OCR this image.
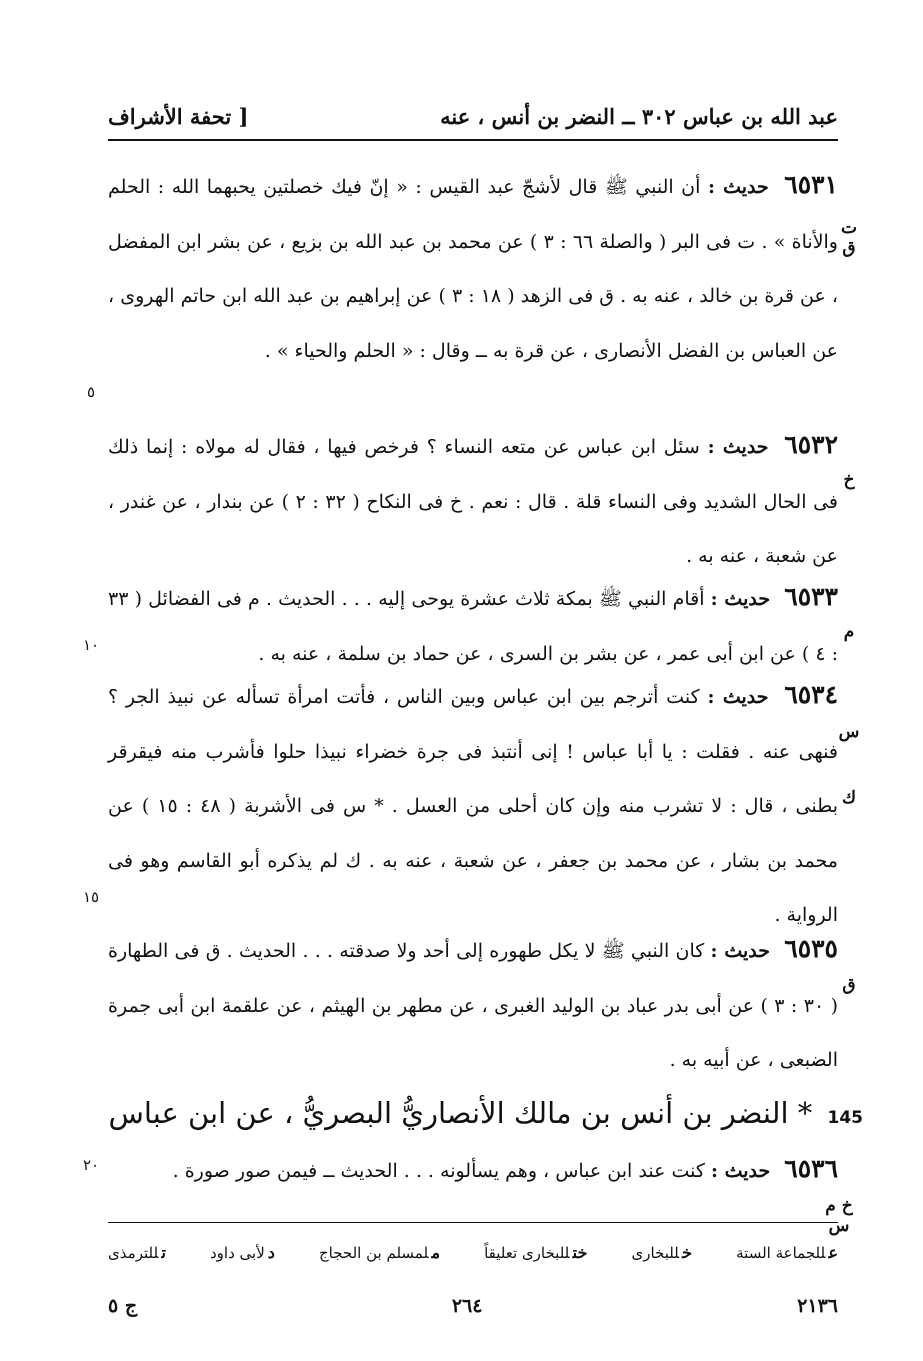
عبد الله بن عباس ٣٠٢ ــ النضر بن أنس ، عنه
[ تحفة الأشراف
٦٥٣١ حديث : أن النبي ﷺ قال لأشجّ عبد القيس : « إنّ فيك خصلتين يحبهما الله : الحلم والأناة » . ت فى البر ( والصلة ٦٦ : ٣ ) عن محمد بن عبد الله بن بزيع ، عن بشر ابن المفضل ، عن قرة بن خالد ، عنه به . ق فى الزهد ( ١٨ : ٣ ) عن إبراهيم بن عبد الله ابن حاتم الهروى ، عن العباس بن الفضل الأنصارى ، عن قرة به ــ وقال : « الحلم والحياء » .
ت ق
٦٥٣٢ حديث : سئل ابن عباس عن متعه النساء ؟ فرخص فيها ، فقال له مولاه : إنما ذلك فى الحال الشديد وفى النساء قلة . قال : نعم . خ فى النكاح ( ٣٢ : ٢ ) عن بندار ، عن غندر ، عن شعبة ، عنه به .
خ
٦٥٣٣ حديث : أقام النبي ﷺ بمكة ثلاث عشرة يوحى إليه . . . الحديث . م فى الفضائل ( ٣٣ : ٤ ) عن ابن أبى عمر ، عن بشر بن السرى ، عن حماد بن سلمة ، عنه به .
م
٦٥٣٤ حديث : كنت أترجم بين ابن عباس وبين الناس ، فأتت امرأة تسأله عن نبيذ الجر ؟ فنهى عنه . فقلت : يا أبا عباس ! إنى أنتبذ فى جرة خضراء نبيذا حلوا فأشرب منه فيقرقر بطنى ، قال : لا تشرب منه وإن كان أحلى من العسل . * س فى الأشربة ( ٤٨ : ١٥ ) عن محمد بن بشار ، عن محمد بن جعفر ، عن شعبة ، عنه به . ك لم يذكره أبو القاسم وهو فى الرواية .
س
ك
٦٥٣٥ حديث : كان النبي ﷺ لا يكل طهوره إلى أحد ولا صدقته . . . الحديث . ق فى الطهارة ( ٣٠ : ٣ ) عن أبى بدر عباد بن الوليد الغبرى ، عن مطهر بن الهيثم ، عن علقمة ابن أبى جمرة الضبعى ، عن أبيه به .
ق
٥
١٠
١٥
٢٠
145 * النضر بن أنس بن مالك الأنصاريُّ البصريُّ ، عن ابن عباس
٦٥٣٦ حديث : كنت عند ابن عباس ، وهم يسألونه . . . الحديث ــ فيمن صور صورة .
خ م س
عللجماعة الستة
خللبخارى
ختللبخارى تعليقاً
ملمسلم بن الحجاج
دلأبى داود
تللترمذى
٢١٣٦
٢٦٤
ج ٥
